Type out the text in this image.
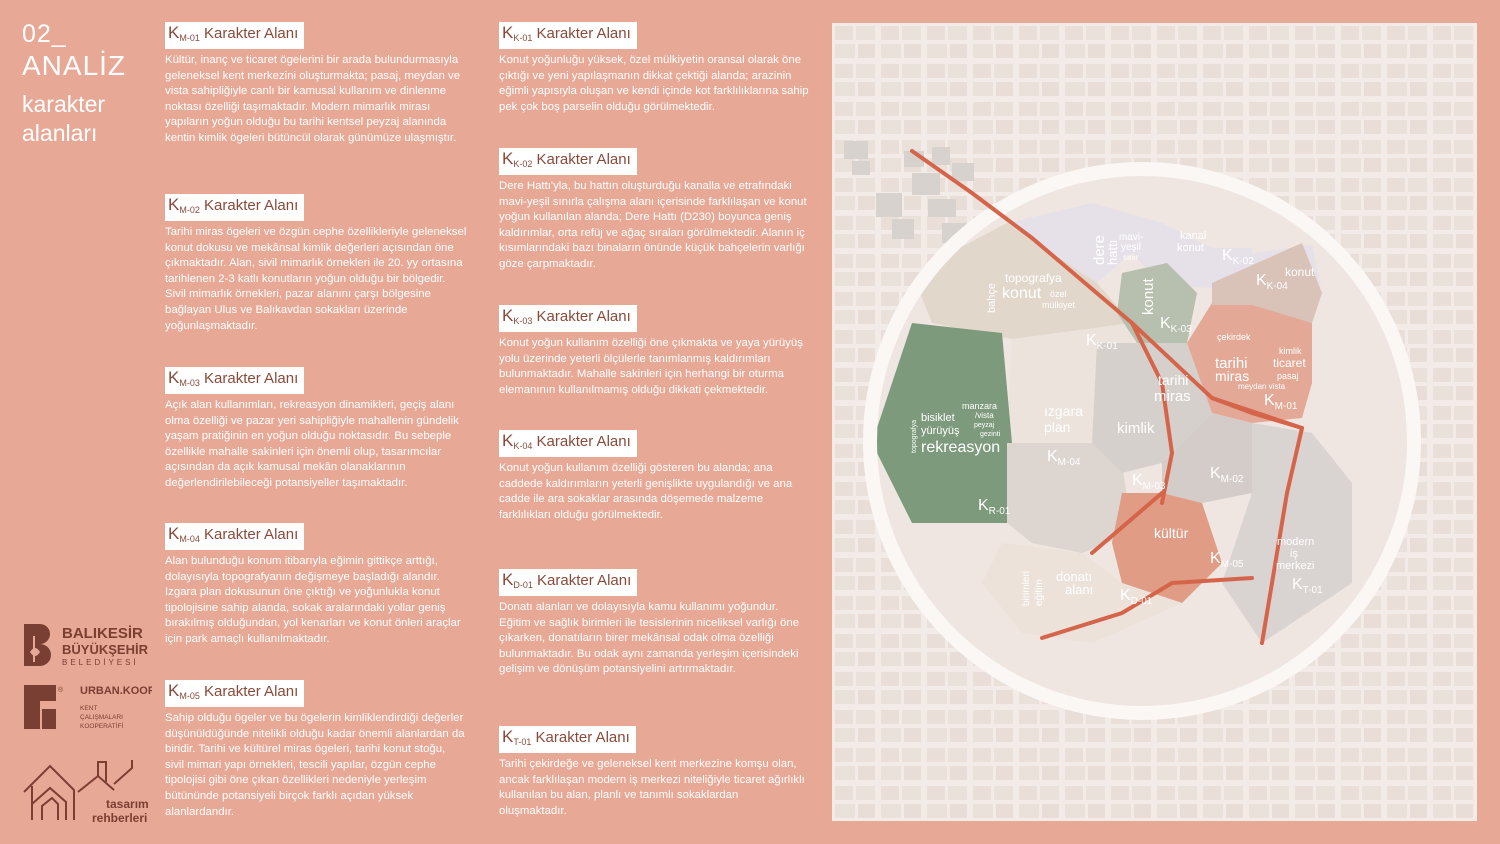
02_
ANALİZ
karakter
alanları
$K_{M-01}$ Karakter Alanı
Kültür, inanç ve ticaret ögelerini bir arada bulundurmasıyla geleneksel kent merkezini oluşturmakta; pasaj, meydan ve vista sahipliğiyle canlı bir kamusal kullanım ve dinlenme noktası özelliği taşımaktadır. Modern mimarlık mirası yapıların yoğun olduğu bu tarihi kentsel peyzaj alanında kentin kimlik ögeleri bütüncül olarak günümüze ulaşmıştır.
$K_{M-02}$ Karakter Alanı
Tarihi miras ögeleri ve özgün cephe özellikleriyle geleneksel konut dokusu ve mekânsal kimlik değerleri açısından öne çıkmaktadır. Alan, sivil mimarlık örnekleri ile 20. yy ortasına tarihlenen 2-3 katlı konutların yoğun olduğu bir bölgedir. Sivil mimarlık örnekleri, pazar alanını çarşı bölgesine bağlayan Ulus ve Balıkavdan sokakları üzerinde yoğunlaşmaktadır.
$K_{M-03}$ Karakter Alanı
Açık alan kullanımları, rekreasyon dinamikleri, geçiş alanı olma özelliği ve pazar yeri sahipliğiyle mahallenin gündelik yaşam pratiğinin en yoğun olduğu noktasıdır. Bu sebeple özellikle mahalle sakinleri için önemli olup, tasarımcılar açısından da açık kamusal mekân olanaklarının değerlendirilebileceği potansiyeller taşımaktadır.
$K_{M-04}$ Karakter Alanı
Alan bulunduğu konum itibarıyla eğimin gittikçe arttığı, dolayısıyla topografyanın değişmeye başladığı alandır. Izgara plan dokusunun öne çıktığı ve yoğunlukla konut tipolojisine sahip alanda, sokak aralarındaki yollar geniş bırakılmış olduğundan, yol kenarları ve konut önleri araçlar için park amaçlı kullanılmaktadır.
$K_{M-05}$ Karakter Alanı
Sahip olduğu ögeler ve bu ögelerin kimliklendirdiği değerler düşünüldüğünde nitelikli olduğu kadar önemli alanlardan da biridir. Tarihi ve kültürel miras ögeleri, tarihi konut stoğu, sivil mimari yapı örnekleri, tescili yapılar, özgün cephe tipolojisi gibi öne çıkan özellikleri nedeniyle yerleşim bütününde potansiyeli birçok farklı açıdan yüksek alanlardandır.
$K_{K-01}$ Karakter Alanı
Konut yoğunluğu yüksek, özel mülkiyetin oransal olarak öne çıktığı ve yeni yapılaşmanın dikkat çektiği alanda; arazinin eğimli yapısıyla oluşan ve kendi içinde kot farklılıklarına sahip pek çok boş parselin olduğu görülmektedir.
$K_{K-02}$ Karakter Alanı
Dere Hattı'yla, bu hattın oluşturduğu kanalla ve etrafındaki mavi-yeşil sınırla çalışma alanı içerisinde farklılaşan ve konut yoğun kullanılan alanda; Dere Hattı (D230) boyunca geniş kaldırımlar, orta refüj ve ağaç sıraları görülmektedir. Alanın iç kısımlarındaki bazı binaların önünde küçük bahçelerin varlığı göze çarpmaktadır.
$K_{K-03}$ Karakter Alanı
Konut yoğun kullanım özelliği öne çıkmakta ve yaya yürüyüş yolu üzerinde yeterli ölçülerle tanımlanmış kaldırımları bulunmaktadır. Mahalle sakinleri için herhangi bir oturma elemanının kullanılmamış olduğu dikkati çekmektedir.
$K_{K-04}$ Karakter Alanı
Konut yoğun kullanım özelliği gösteren bu alanda; ana caddede kaldırımların yeterli genişlikte uygulandığı ve ana cadde ile ara sokaklar arasında döşemede malzeme farklılıkları olduğu görülmektedir.
$K_{D-01}$ Karakter Alanı
Donatı alanları ve dolayısıyla kamu kullanımı yoğundur. Eğitim ve sağlık birimleri ile tesislerinin niceliksel varlığı öne çıkarken, donatıların birer mekânsal odak olma özelliği bulunmaktadır. Bu odak aynı zamanda yerleşim içerisindeki gelişim ve dönüşüm potansiyelini artırmaktadır.
$K_{T-01}$ Karakter Alanı
Tarihi çekirdeğe ve geleneksel kent merkezine komşu olan, ancak farklılaşan modern iş merkezi niteliğiyle ticaret ağırlıklı kullanılan bu alan, planlı ve tanımlı sokaklardan oluşmaktadır.
BALIKESİR
BÜYÜKŞEHİR
BELEDİYESİ
® URBAN.KOOP
KENT
ÇALIŞMALARI
KOOPERATİFİ
tasarım
rehberleri
$K_{R-01}$
$K_{K-01}$
$K_{K-02}$
$K_{K-03}$
$K_{K-04}$
$K_{M-01}$
$K_{M-02}$
$K_{M-03}$
$K_{M-04}$
$K_{M-05}$
$K_{D-01}$
$K_{T-01}$
rekreasyon
bisiklet
yürüyüş
topografya
manzara
/vista
peyzaj
gezinti
topografya
konut özel
mülkiyet
bahçe
dere
hattı
mavi-
yeşil
sınır
kanal
konut
konut
konut
tarihi
miras
ticaret
pasaj
kimlik
çekirdek
meydan vista
tarihi
miras
kimlik
ızgara
plan
kültür
donatı
alanı
eğitim
birimleri
modern
iş
merkezi
